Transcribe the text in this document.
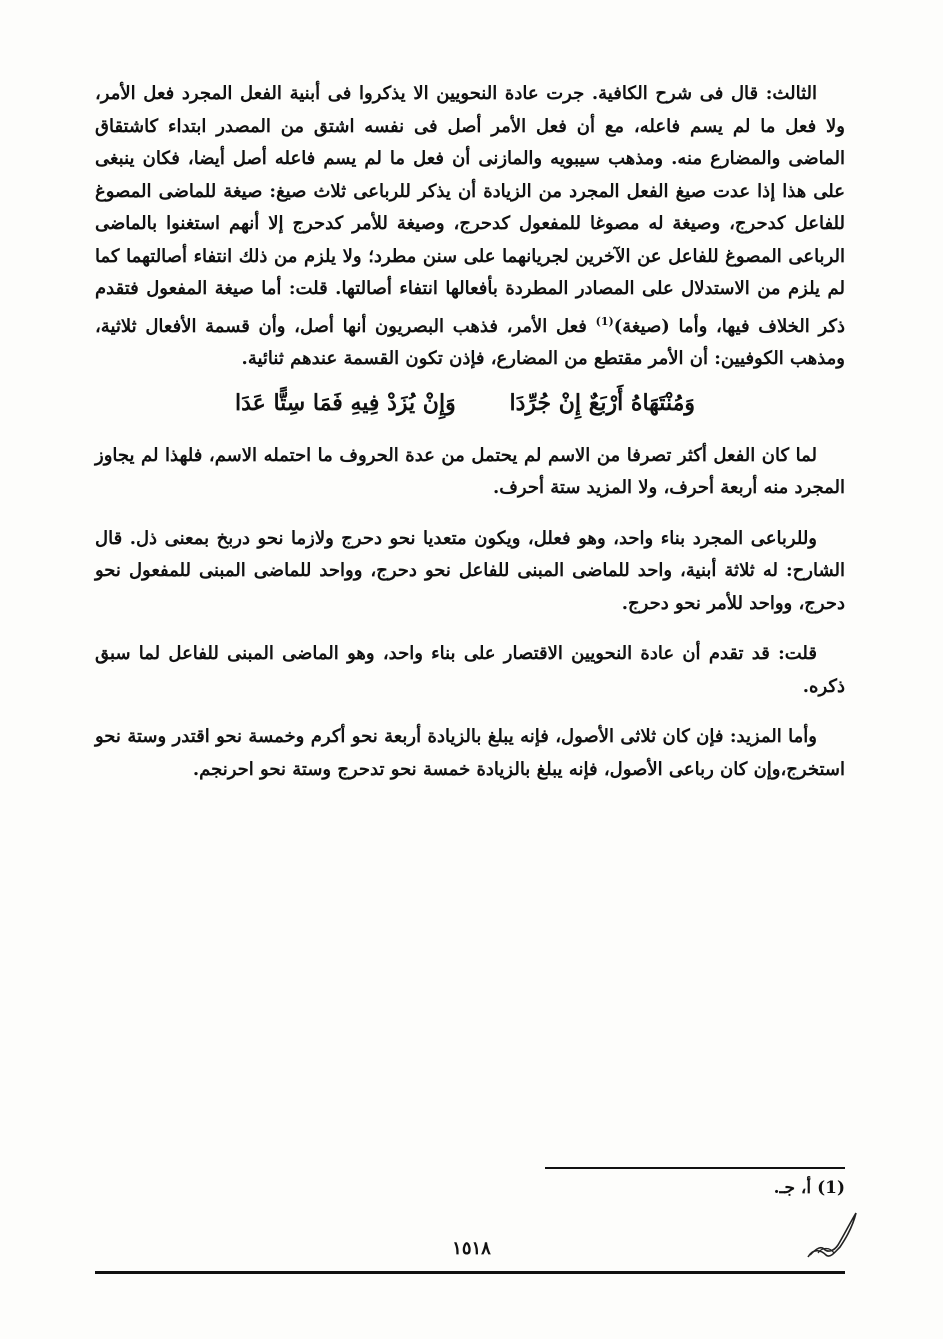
الثالث: قال فى شرح الكافية. جرت عادة النحويين الا يذكروا فى أبنية الفعل المجرد فعل الأمر، ولا فعل ما لم يسم فاعله، مع أن فعل الأمر أصل فى نفسه اشتق من المصدر ابتداء كاشتقاق الماضى والمضارع منه. ومذهب سيبويه والمازنى أن فعل ما لم يسم فاعله أصل أيضا، فكان ينبغى على هذا إذا عدت صيغ الفعل المجرد من الزيادة أن يذكر للرباعى ثلاث صيغ: صيغة للماضى المصوغ للفاعل كدحرج، وصيغة له مصوغا للمفعول كدحرج، وصيغة للأمر كدحرج إلا أنهم استغنوا بالماضى الرباعى المصوغ للفاعل عن الآخرين لجريانهما على سنن مطرد؛ ولا يلزم من ذلك انتفاء أصالتهما كما لم يلزم من الاستدلال على المصادر المطردة بأفعالها انتفاء أصالتها. قلت: أما صيغة المفعول فتقدم ذكر الخلاف فيها، وأما (صيغة)$^{(1)}$ فعل الأمر، فذهب البصريون أنها أصل، وأن قسمة الأفعال ثلاثية، ومذهب الكوفيين: أن الأمر مقتطع من المضارع، فإذن تكون القسمة عندهم ثنائية.

وَمُنْتَهَاهُ أَرْبَعٌ إِنْ جُرِّدَا
وَإِنْ يُزَدْ فِيهِ فَمَا سِتًّا عَدَا

لما كان الفعل أكثر تصرفا من الاسم لم يحتمل من عدة الحروف ما احتمله الاسم، فلهذا لم يجاوز المجرد منه أربعة أحرف، ولا المزيد ستة أحرف.

وللرباعى المجرد بناء واحد، وهو فعلل، ويكون متعديا نحو دحرج ولازما نحو دربخ بمعنى ذل. قال الشارح: له ثلاثة أبنية، واحد للماضى المبنى للفاعل نحو دحرج، وواحد للماضى المبنى للمفعول نحو دحرج، وواحد للأمر نحو دحرج.

قلت: قد تقدم أن عادة النحويين الاقتصار على بناء واحد، وهو الماضى المبنى للفاعل لما سبق ذكره.

وأما المزيد: فإن كان ثلاثى الأصول، فإنه يبلغ بالزيادة أربعة نحو أكرم وخمسة نحو اقتدر وستة نحو استخرج،وإن كان رباعى الأصول، فإنه يبلغ بالزيادة خمسة نحو تدحرج وستة نحو احرنجم.

(1) أ، جـ.
١٥١٨
